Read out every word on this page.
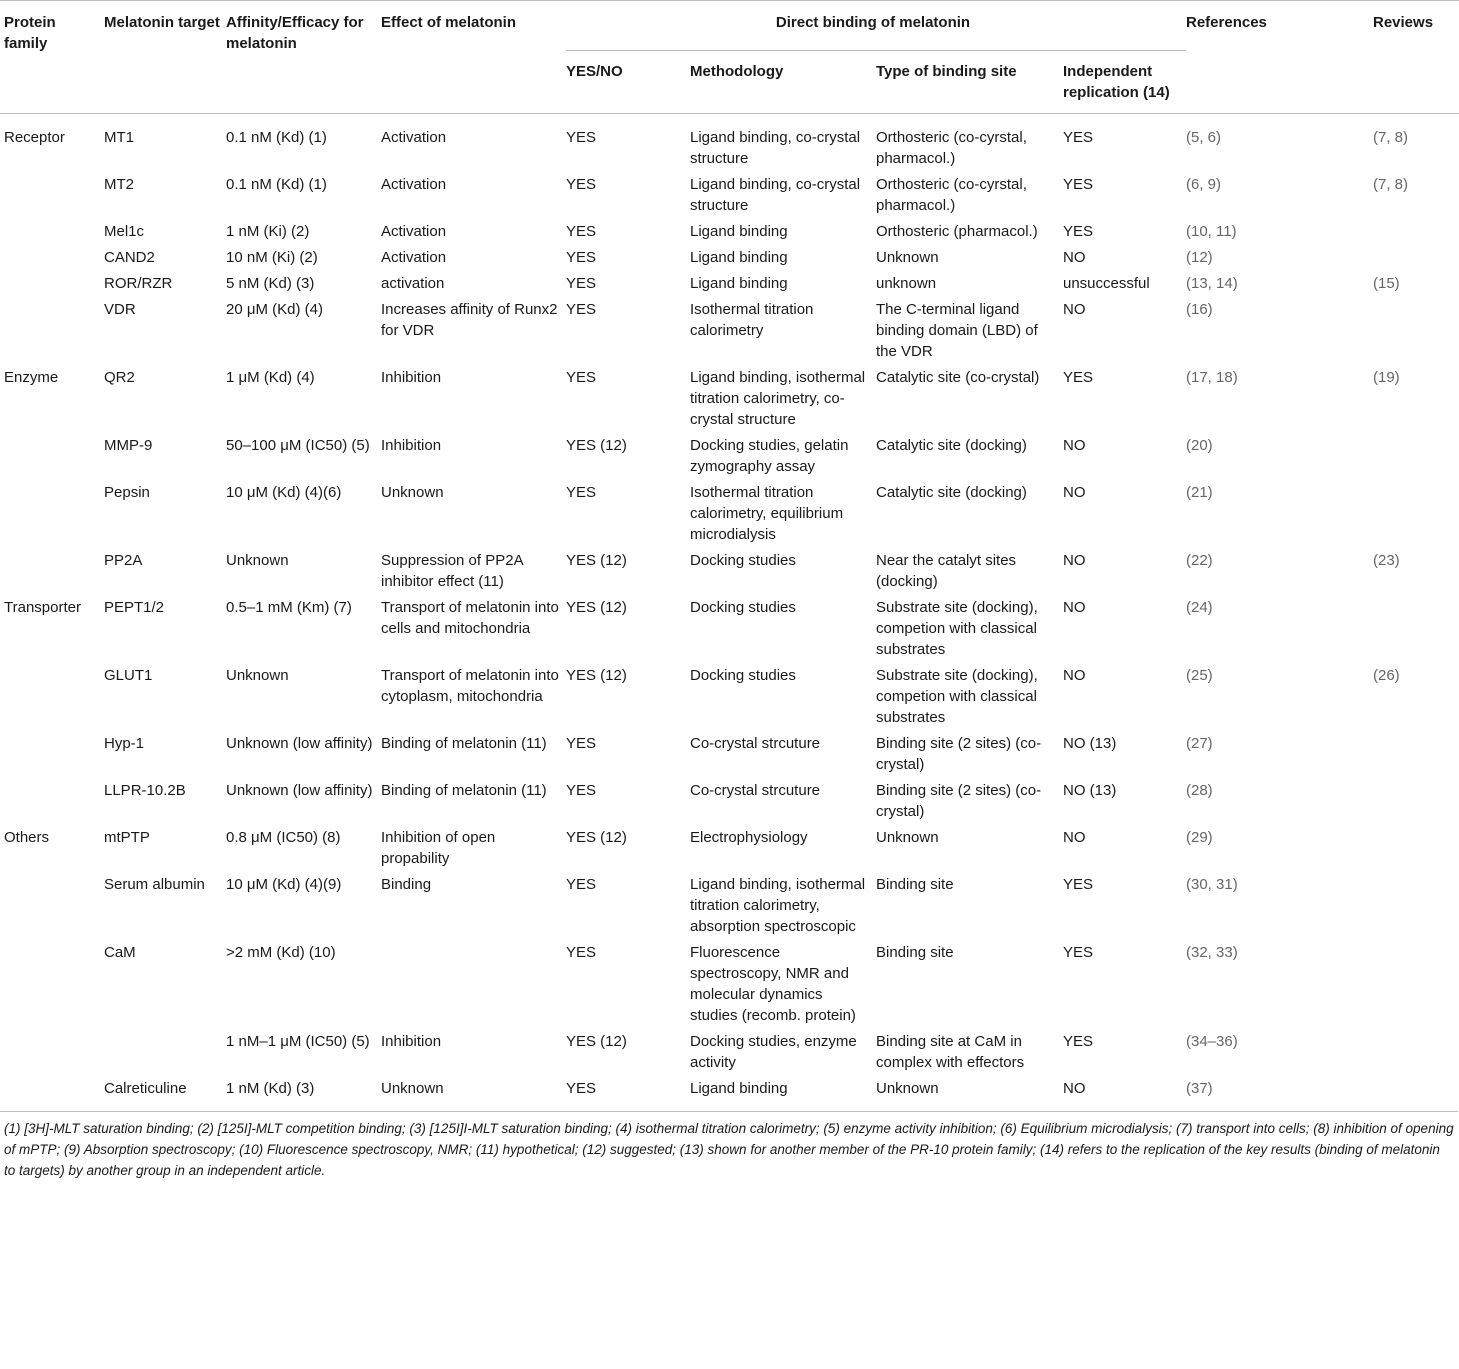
Protein family	Melatonin target	Affinity/Efficacy for melatonin	Effect of melatonin	Direct binding of melatonin				References	Reviews
				YES/NO	Methodology	Type of binding site	Independent replication (14)		

Receptor	MT1	0.1 nM (Kd) (1)	Activation	YES	Ligand binding, co-crystal structure	Orthosteric (co-cyrstal, pharmacol.)	YES	(5, 6)	(7, 8)
	MT2	0.1 nM (Kd) (1)	Activation	YES	Ligand binding, co-crystal structure	Orthosteric (co-cyrstal, pharmacol.)	YES	(6, 9)	(7, 8)
	Mel1c	1 nM (Ki) (2)	Activation	YES	Ligand binding	Orthosteric (pharmacol.)	YES	(10, 11)	
	CAND2	10 nM (Ki) (2)	Activation	YES	Ligand binding	Unknown	NO	(12)	
	ROR/RZR	5 nM (Kd) (3)	activation	YES	Ligand binding	unknown	unsuccessful	(13, 14)	(15)
	VDR	20 μM (Kd) (4)	Increases affinity of Runx2 for VDR	YES	Isothermal titration calorimetry	The C-terminal ligand binding domain (LBD) of the VDR	NO	(16)	
Enzyme	QR2	1 μM (Kd) (4)	Inhibition	YES	Ligand binding, isothermal titration calorimetry, co-crystal structure	Catalytic site (co-crystal)	YES	(17, 18)	(19)
	MMP-9	50–100 μM (IC50) (5)	Inhibition	YES (12)	Docking studies, gelatin zymography assay	Catalytic site (docking)	NO	(20)	
	Pepsin	10 μM (Kd) (4)(6)	Unknown	YES	Isothermal titration calorimetry, equilibrium microdialysis	Catalytic site (docking)	NO	(21)	
	PP2A	Unknown	Suppression of PP2A inhibitor effect (11)	YES (12)	Docking studies	Near the catalyt sites (docking)	NO	(22)	(23)
Transporter	PEPT1/2	0.5–1 mM (Km) (7)	Transport of melatonin into cells and mitochondria	YES (12)	Docking studies	Substrate site (docking), competion with classical substrates	NO	(24)	
	GLUT1	Unknown	Transport of melatonin into cytoplasm, mitochondria	YES (12)	Docking studies	Substrate site (docking), competion with classical substrates	NO	(25)	(26)
	Hyp-1	Unknown (low affinity)	Binding of melatonin (11)	YES	Co-crystal strcuture	Binding site (2 sites) (co-crystal)	NO (13)	(27)	
	LLPR-10.2B	Unknown (low affinity)	Binding of melatonin (11)	YES	Co-crystal strcuture	Binding site (2 sites) (co-crystal)	NO (13)	(28)	
Others	mtPTP	0.8 μM (IC50) (8)	Inhibition of open propability	YES (12)	Electrophysiology	Unknown	NO	(29)	
	Serum albumin	10 μM (Kd) (4)(9)	Binding	YES	Ligand binding, isothermal titration calorimetry, absorption spectroscopic	Binding site	YES	(30, 31)	
	CaM	>2 mM (Kd) (10)		YES	Fluorescence spectroscopy, NMR and molecular dynamics studies (recomb. protein)	Binding site	YES	(32, 33)	
		1 nM–1 μM (IC50) (5)	Inhibition	YES (12)	Docking studies, enzyme activity	Binding site at CaM in complex with effectors	YES	(34–36)	
	Calreticuline	1 nM (Kd) (3)	Unknown	YES	Ligand binding	Unknown	NO	(37)	
(1) [3H]-MLT saturation binding; (2) [125I]-MLT competition binding; (3) [125I]I-MLT saturation binding; (4) isothermal titration calorimetry; (5) enzyme activity inhibition; (6) Equilibrium microdialysis; (7) transport into cells; (8) inhibition of opening of mPTP; (9) Absorption spectroscopy; (10) Fluorescence spectroscopy, NMR; (11) hypothetical; (12) suggested; (13) shown for another member of the PR-10 protein family; (14) refers to the replication of the key results (binding of melatonin to targets) by another group in an independent article.
